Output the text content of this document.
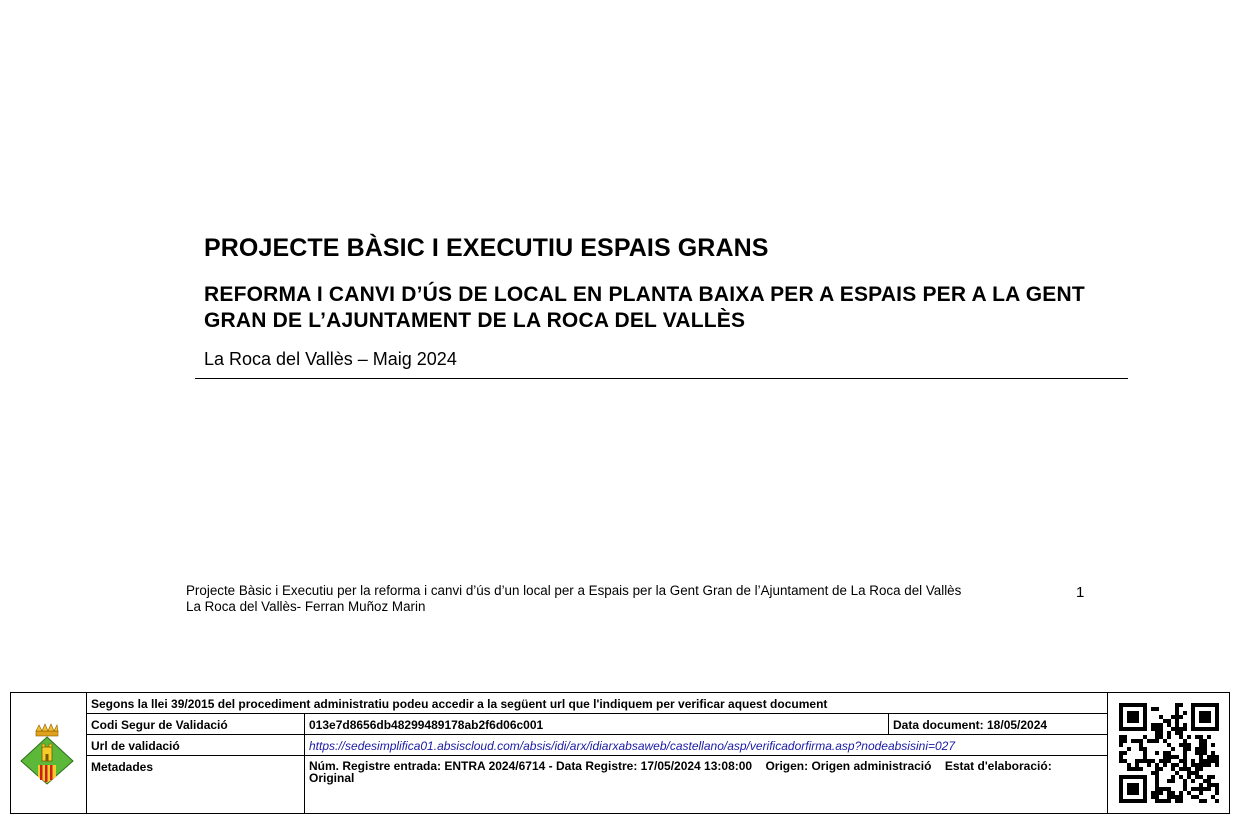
PROJECTE BÀSIC I EXECUTIU ESPAIS GRANS
REFORMA I CANVI D’ÚS DE LOCAL EN PLANTA BAIXA PER A ESPAIS PER A LA GENT GRAN DE L’AJUNTAMENT DE LA ROCA DEL VALLÈS
La Roca del Vallès – Maig 2024
Projecte Bàsic i Executiu per la reforma i canvi d’ús d’un local per a Espais per la Gent Gran de l’Ajuntament de La Roca del Vallès
La Roca del Vallès- Ferran Muñoz Marin
1
Segons la llei 39/2015 del procediment administratiu podeu accedir a la següent url que l'indiquem per verificar aquest document
Codi Segur de Validació	013e7d8656db48299489178ab2f6d06c001	Data document: 18/05/2024
Url de validació	https://sedesimplifica01.absiscloud.com/absis/idi/arx/idiarxabsaweb/castellano/asp/verificadorfirma.asp?nodeabsisini=027
Metadades	Núm. Registre entrada: ENTRA 2024/6714 - Data Registre: 17/05/2024 13:08:00 Origen: Origen administració Estat d'elaboració: Original
